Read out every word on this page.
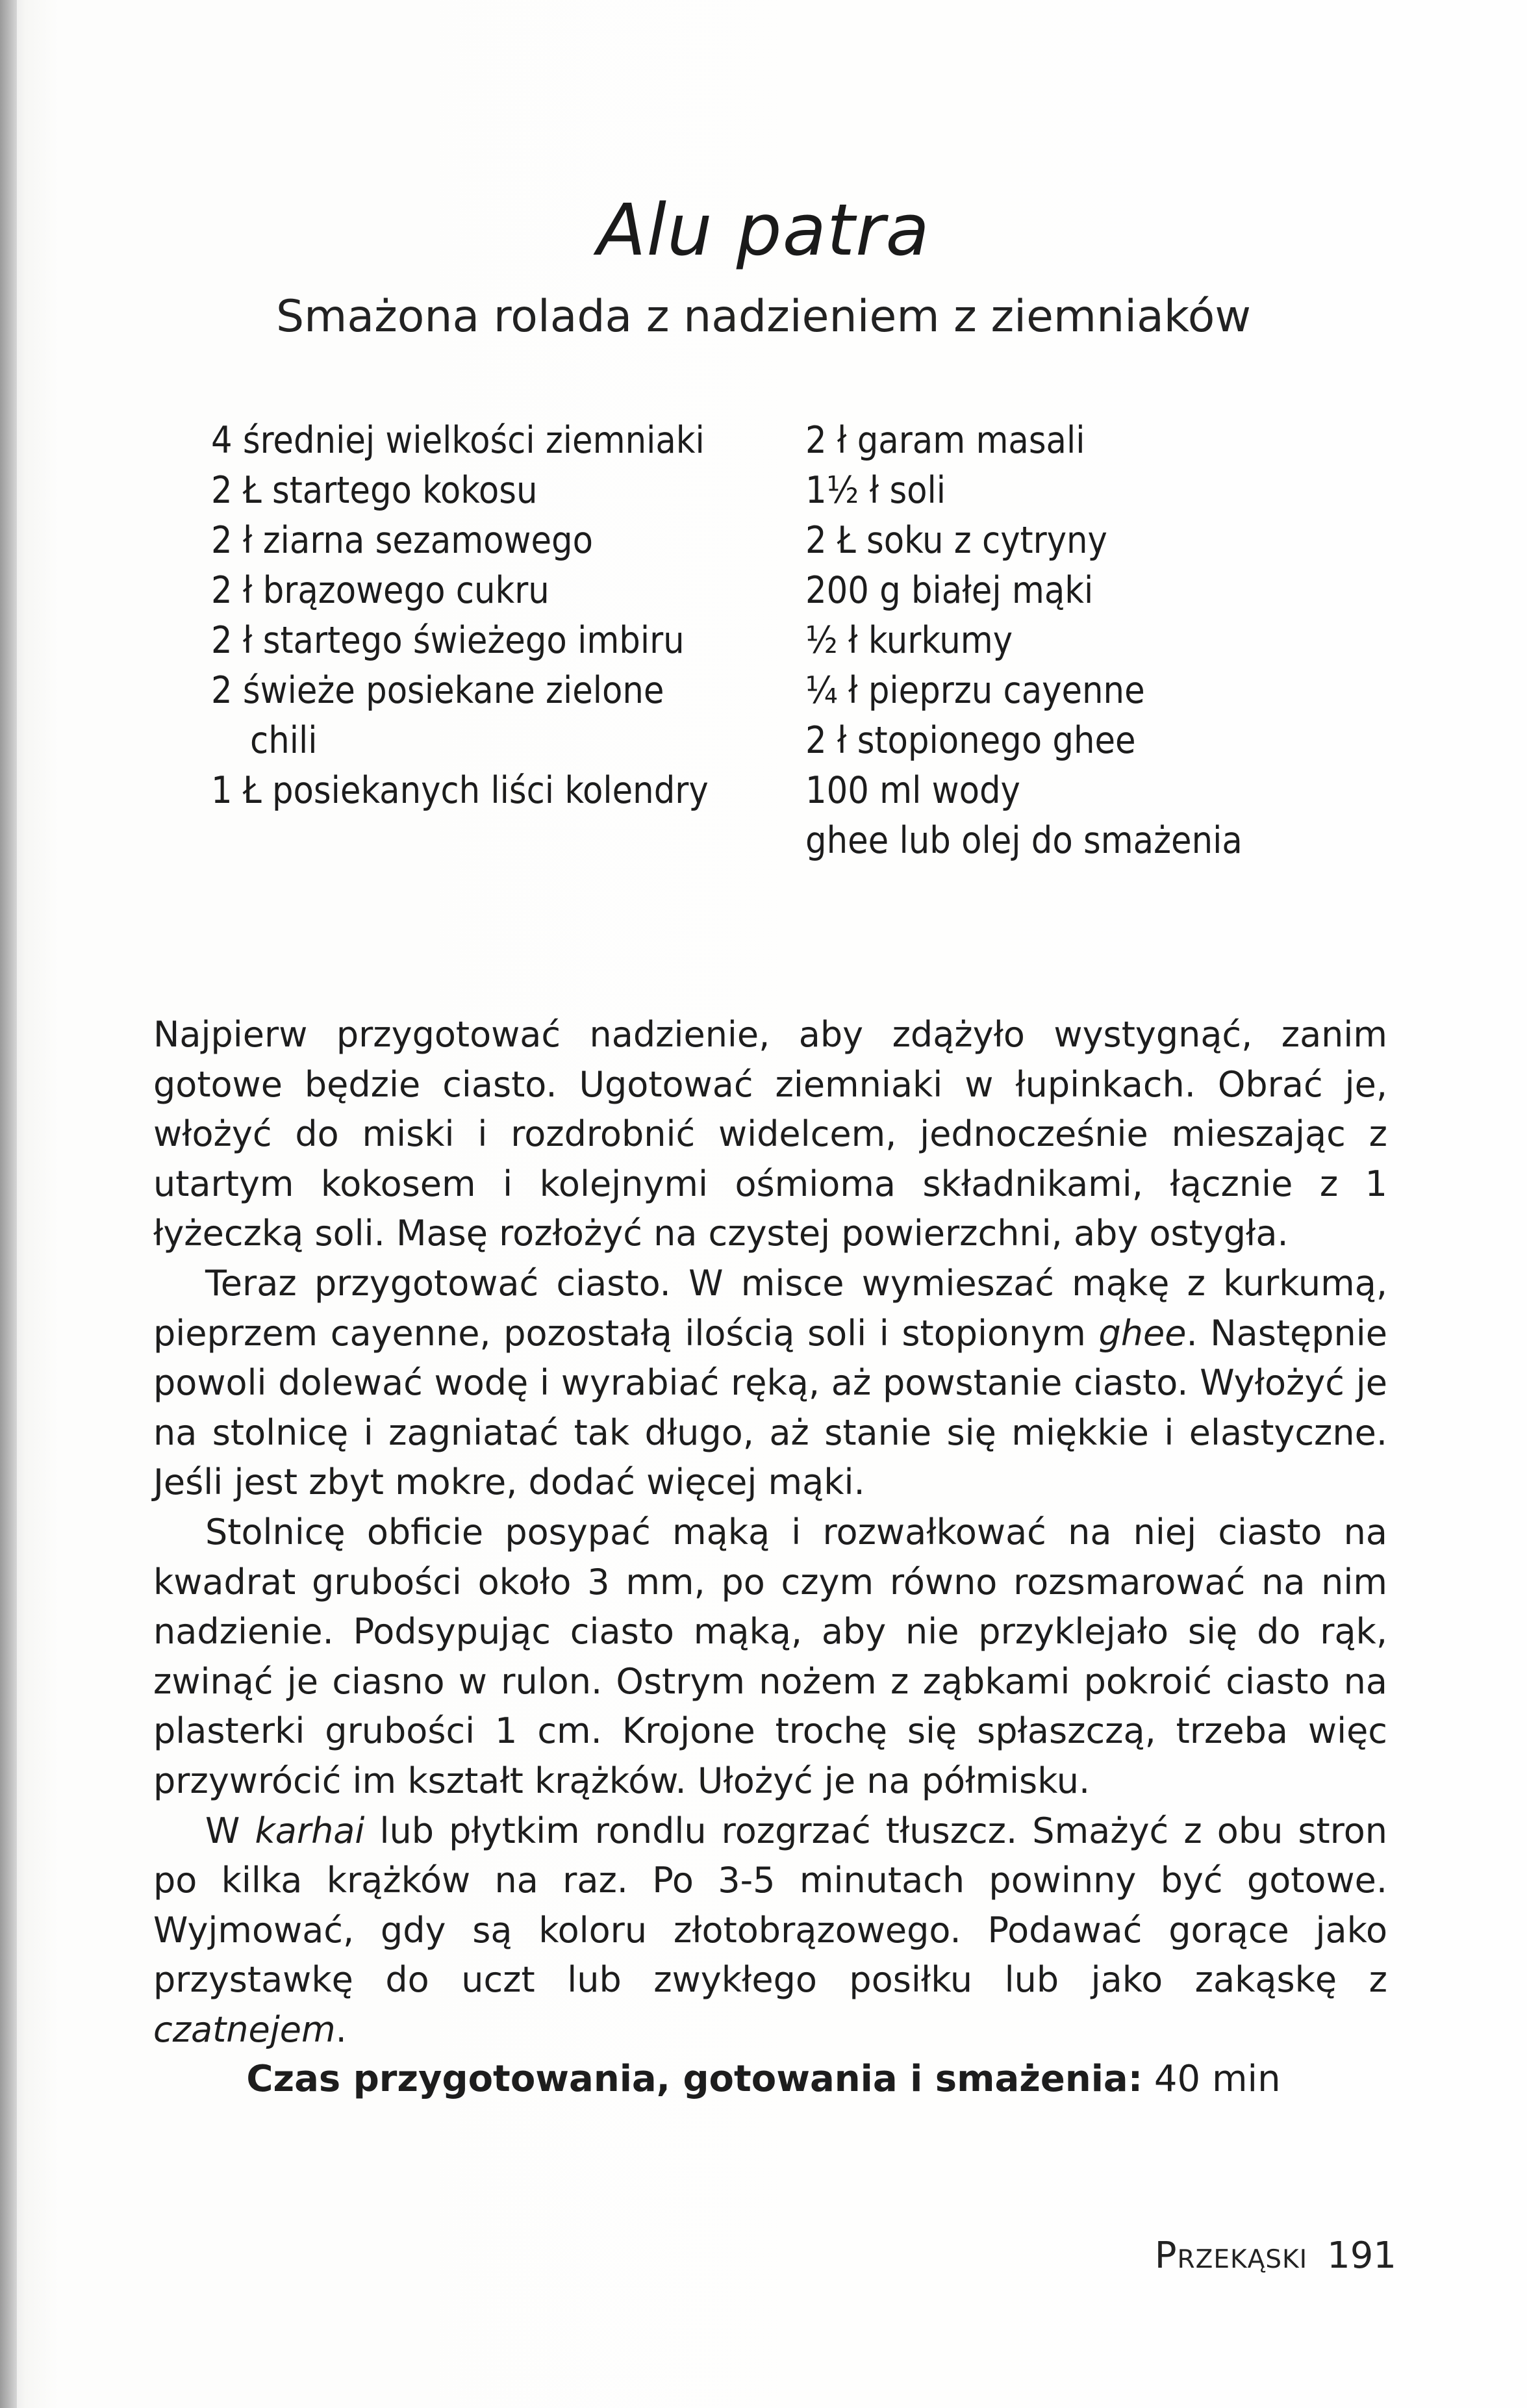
Alu patra
Smażona rolada z nadzieniem z ziemniaków
4 średniej wielkości ziemniaki
2 Ł startego kokosu
2 ł ziarna sezamowego
2 ł brązowego cukru
2 ł startego świeżego imbiru
2 świeże posiekane zielone chili
1 Ł posiekanych liści kolendry
2 ł garam masali
1½ ł soli
2 Ł soku z cytryny
200 g białej mąki
½ ł kurkumy
¼ ł pieprzu cayenne
2 ł stopionego ghee
100 ml wody
ghee lub olej do smażenia

Najpierw przygotować nadzienie, aby zdążyło wystygnąć, zanim gotowe będzie ciasto. Ugotować ziemniaki w łupinkach. Obrać je, włożyć do miski i rozdrobnić widelcem, jednocześnie mieszając z utartym kokosem i kolejnymi ośmioma składnikami, łącznie z 1 łyżeczką soli. Masę rozłożyć na czystej powierzchni, aby ostygła.

Teraz przygotować ciasto. W misce wymieszać mąkę z kurkumą, pieprzem cayenne, pozostałą ilością soli i stopionym ghee. Następnie powoli dolewać wodę i wyrabiać ręką, aż powstanie ciasto. Wyłożyć je na stolnicę i zagniatać tak długo, aż stanie się miękkie i elastyczne. Jeśli jest zbyt mokre, dodać więcej mąki.

Stolnicę obficie posypać mąką i rozwałkować na niej ciasto na kwadrat grubości około 3 mm, po czym równo rozsmarować na nim nadzienie. Podsypując ciasto mąką, aby nie przyklejało się do rąk, zwinąć je ciasno w rulon. Ostrym nożem z ząbkami pokroić ciasto na plasterki grubości 1 cm. Krojone trochę się spłaszczą, trzeba więc przywrócić im kształt krążków. Ułożyć je na półmisku.

W karhai lub płytkim rondlu rozgrzać tłuszcz. Smażyć z obu stron po kilka krążków na raz. Po 3-5 minutach powinny być gotowe. Wyjmować, gdy są koloru złotobrązowego. Podawać gorące jako przystawkę do uczt lub zwykłego posiłku lub jako zakąskę z czatnejem.

Czas przygotowania, gotowania i smażenia: 40 min
Przekąski 191
